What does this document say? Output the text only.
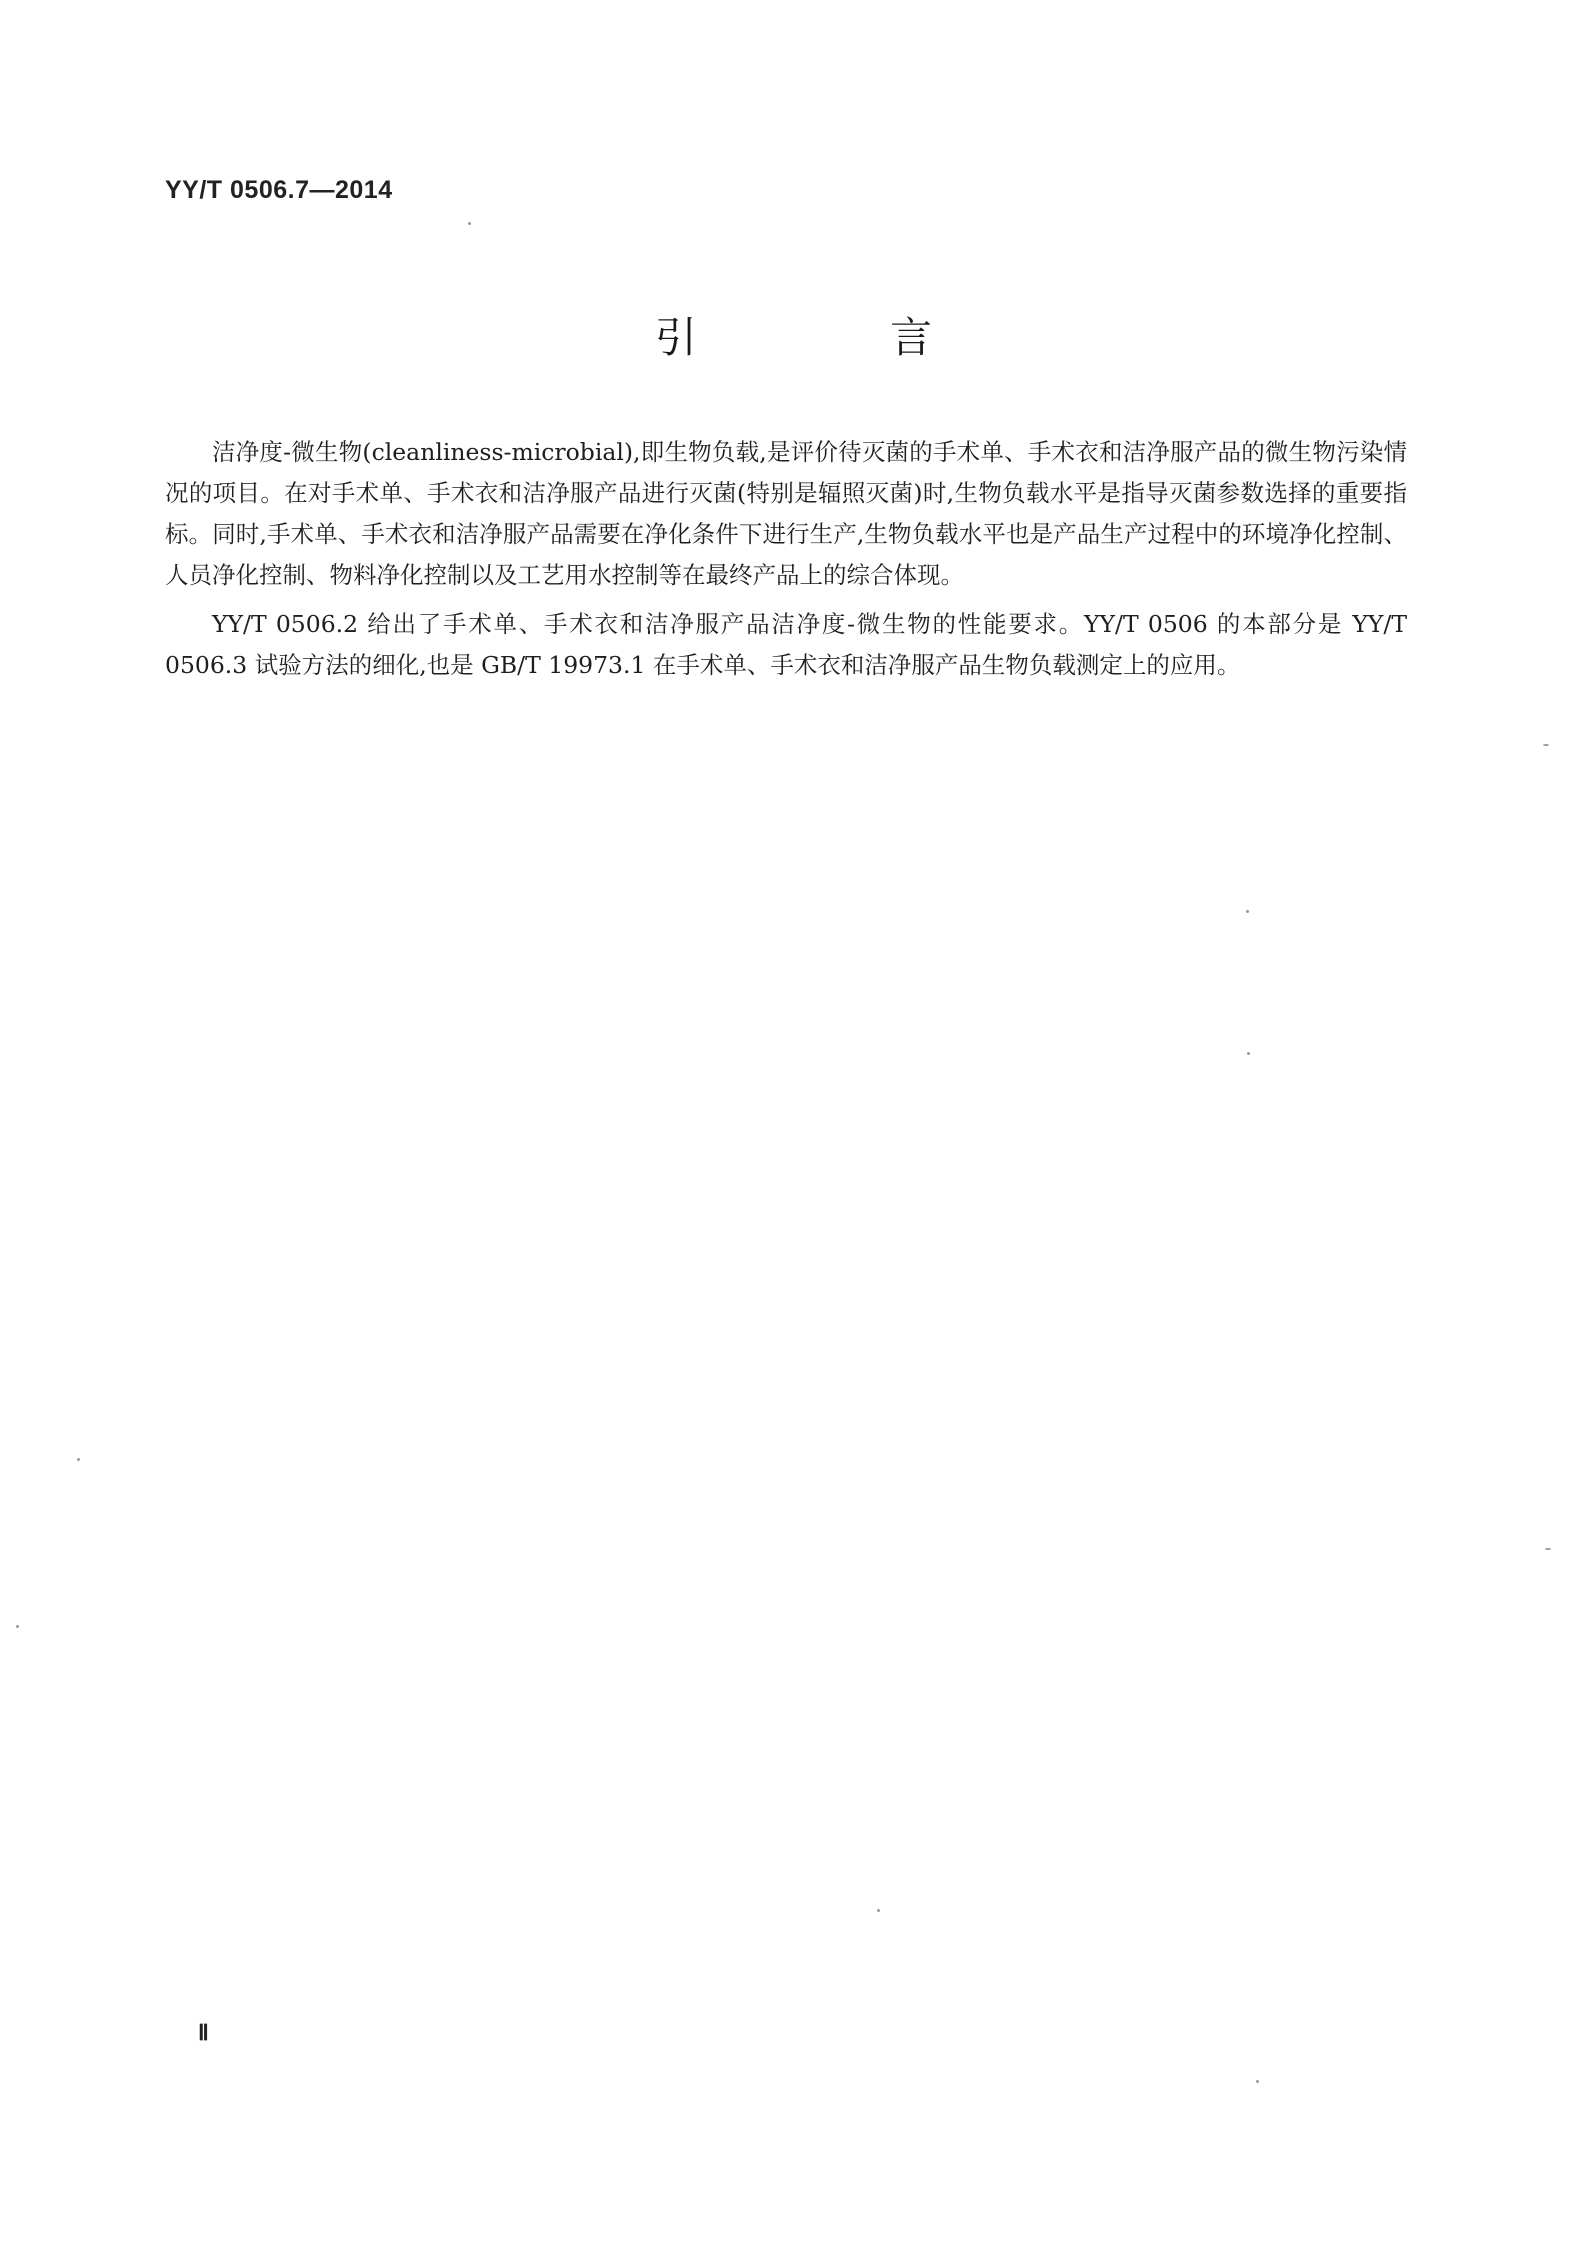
YY/T 0506.7—2014
引 言

洁净度-微生物(cleanliness-microbial),即生物负载,是评价待灭菌的手术单、手术衣和洁净服产品的微生物污染情况的项目。在对手术单、手术衣和洁净服产品进行灭菌(特别是辐照灭菌)时,生物负载水平是指导灭菌参数选择的重要指标。同时,手术单、手术衣和洁净服产品需要在净化条件下进行生产,生物负载水平也是产品生产过程中的环境净化控制、人员净化控制、物料净化控制以及工艺用水控制等在最终产品上的综合体现。

YY/T 0506.2 给出了手术单、手术衣和洁净服产品洁净度-微生物的性能要求。YY/T 0506 的本部分是 YY/T 0506.3 试验方法的细化,也是 GB/T 19973.1 在手术单、手术衣和洁净服产品生物负载测定上的应用。

Ⅱ
